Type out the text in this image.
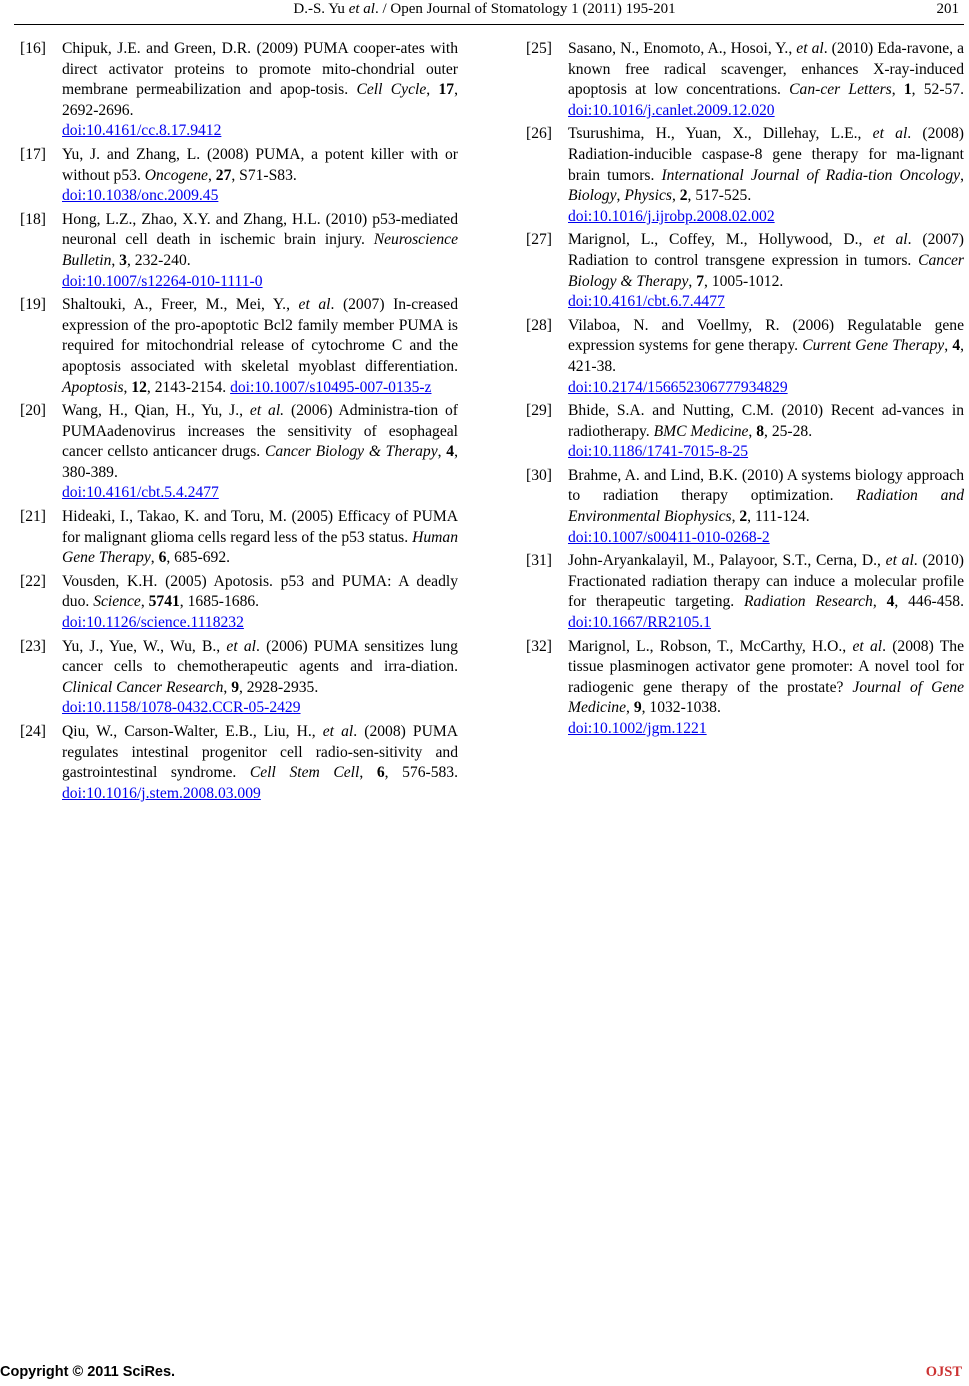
D.-S. Yu et al. / Open Journal of Stomatology 1 (2011) 195-201	201
[16] Chipuk, J.E. and Green, D.R. (2009) PUMA cooper-ates with direct activator proteins to promote mito-chondrial outer membrane permeabilization and apop-tosis. Cell Cycle, 17, 2692-2696.
doi:10.4161/cc.8.17.9412
[17] Yu, J. and Zhang, L. (2008) PUMA, a potent killer with or without p53. Oncogene, 27, S71-S83.
doi:10.1038/onc.2009.45
[18] Hong, L.Z., Zhao, X.Y. and Zhang, H.L. (2010) p53-mediated neuronal cell death in ischemic brain injury. Neuroscience Bulletin, 3, 232-240.
doi:10.1007/s12264-010-1111-0
[19] Shaltouki, A., Freer, M., Mei, Y., et al. (2007) In-creased expression of the pro-apoptotic Bcl2 family member PUMA is required for mitochondrial release of cytochrome C and the apoptosis associated with skeletal myoblast differentiation. Apoptosis, 12, 2143-2154. doi:10.1007/s10495-007-0135-z
[20] Wang, H., Qian, H., Yu, J., et al. (2006) Administra-tion of PUMAadenovirus increases the sensitivity of esophageal cancer cellsto anticancer drugs. Cancer Biology & Therapy, 4, 380-389.
doi:10.4161/cbt.5.4.2477
[21] Hideaki, I., Takao, K. and Toru, M. (2005) Efficacy of PUMA for malignant glioma cells regard less of the p53 status. Human Gene Therapy, 6, 685-692.
[22] Vousden, K.H. (2005) Apotosis. p53 and PUMA: A deadly duo. Science, 5741, 1685-1686.
doi:10.1126/science.1118232
[23] Yu, J., Yue, W., Wu, B., et al. (2006) PUMA sensitizes lung cancer cells to chemotherapeutic agents and irra-diation. Clinical Cancer Research, 9, 2928-2935.
doi:10.1158/1078-0432.CCR-05-2429
[24] Qiu, W., Carson-Walter, E.B., Liu, H., et al. (2008) PUMA regulates intestinal progenitor cell radio-sen-sitivity and gastrointestinal syndrome. Cell Stem Cell, 6, 576-583. doi:10.1016/j.stem.2008.03.009
[25] Sasano, N., Enomoto, A., Hosoi, Y., et al. (2010) Eda-ravone, a known free radical scavenger, enhances X-ray-induced apoptosis at low concentrations. Can-cer Letters, 1, 52-57. doi:10.1016/j.canlet.2009.12.020
[26] Tsurushima, H., Yuan, X., Dillehay, L.E., et al. (2008) Radiation-inducible caspase-8 gene therapy for ma-lignant brain tumors. International Journal of Radia-tion Oncology, Biology, Physics, 2, 517-525.
doi:10.1016/j.ijrobp.2008.02.002
[27] Marignol, L., Coffey, M., Hollywood, D., et al. (2007) Radiation to control transgene expression in tumors. Cancer Biology & Therapy, 7, 1005-1012.
doi:10.4161/cbt.6.7.4477
[28] Vilaboa, N. and Voellmy, R. (2006) Regulatable gene expression systems for gene therapy. Current Gene Therapy, 4, 421-38.
doi:10.2174/156652306777934829
[29] Bhide, S.A. and Nutting, C.M. (2010) Recent ad-vances in radiotherapy. BMC Medicine, 8, 25-28.
doi:10.1186/1741-7015-8-25
[30] Brahme, A. and Lind, B.K. (2010) A systems biology approach to radiation therapy optimization. Radiation and Environmental Biophysics, 2, 111-124.
doi:10.1007/s00411-010-0268-2
[31] John-Aryankalayil, M., Palayoor, S.T., Cerna, D., et al. (2010) Fractionated radiation therapy can induce a molecular profile for therapeutic targeting. Radiation Research, 4, 446-458. doi:10.1667/RR2105.1
[32] Marignol, L., Robson, T., McCarthy, H.O., et al. (2008) The tissue plasminogen activator gene promoter: A novel tool for radiogenic gene therapy of the prostate? Journal of Gene Medicine, 9, 1032-1038.
doi:10.1002/jgm.1221
Copyright © 2011 SciRes.	OJST
